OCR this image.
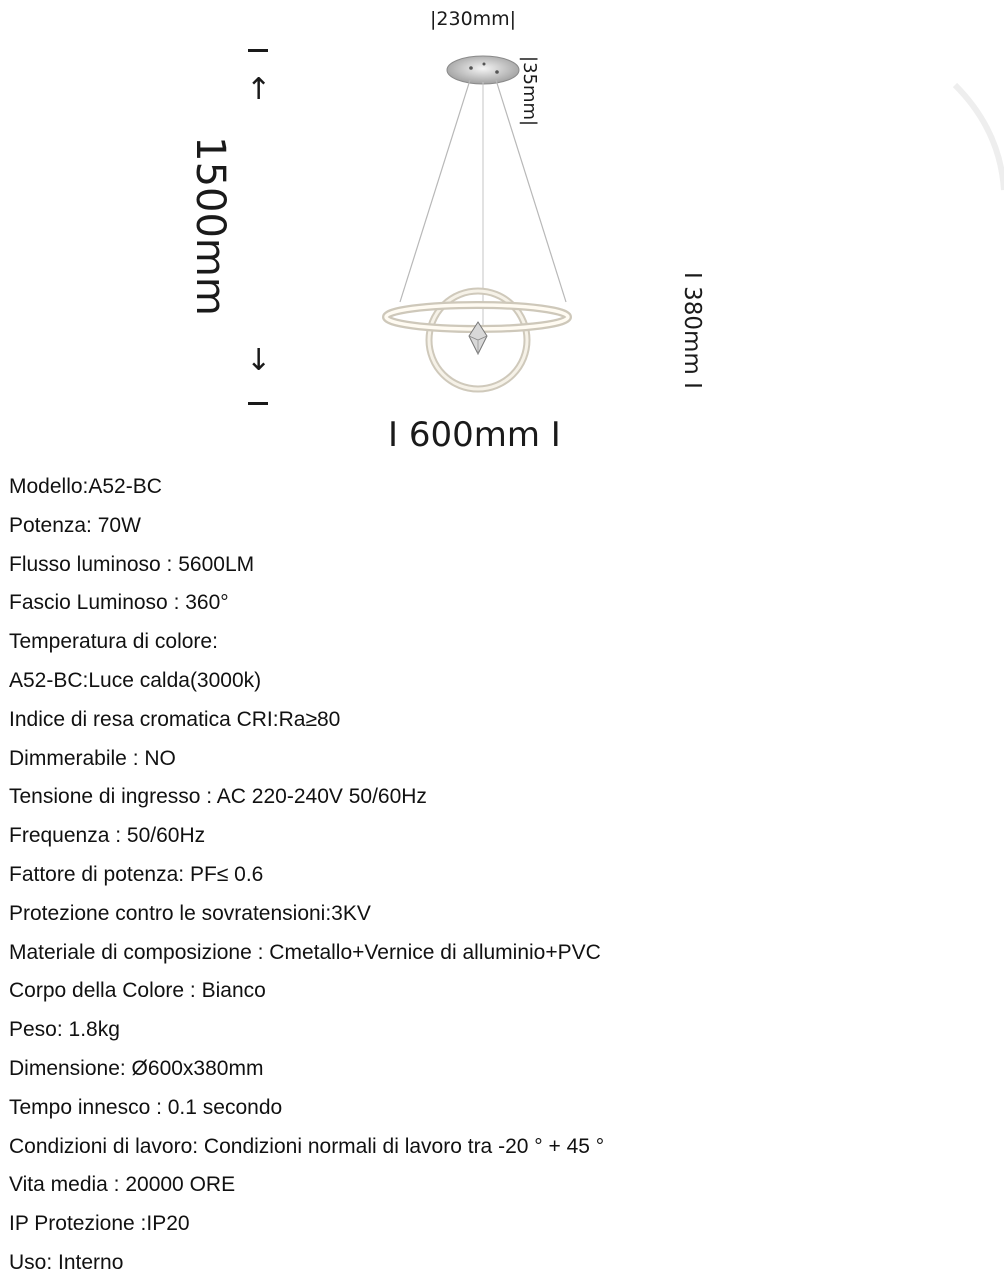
|230mm|
|35mm|
↑
1500mm
↓	I 380mm I
I 600mm I
Modello:A52-BC
Potenza: 70W
Flusso luminoso : 5600LM
Fascio Luminoso : 360°
Temperatura di colore:
A52-BC:Luce calda(3000k)
Indice di resa cromatica CRI:Ra≥80
Dimmerabile : NO
Tensione di ingresso : AC 220-240V 50/60Hz
Frequenza : 50/60Hz
Fattore di potenza: PF≤ 0.6
Protezione contro le sovratensioni:3KV
Materiale di composizione : Cmetallo+Vernice di alluminio+PVC
Corpo della Colore : Bianco
Peso: 1.8kg
Dimensione: Ø600x380mm
Tempo innesco : 0.1 secondo
Condizioni di lavoro: Condizioni normali di lavoro tra -20 ° + 45 °
Vita media : 20000 ORE
IP Protezione :IP20
Uso: Interno
